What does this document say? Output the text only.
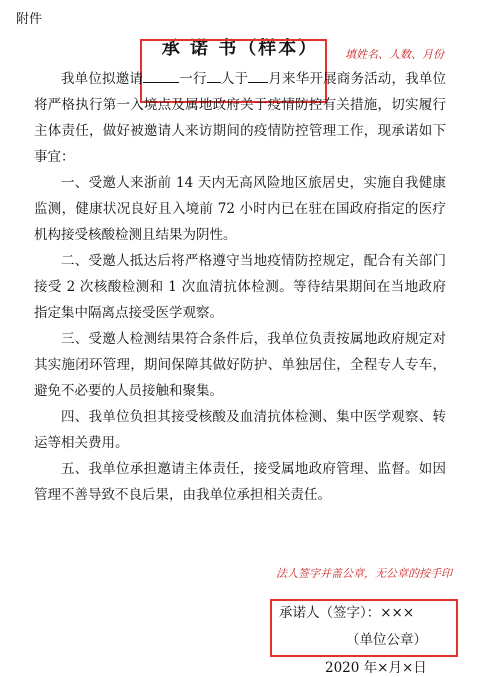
附件
承 诺 书（样本）	填姓名、人数、月份

我单位拟邀请	一行 人于 月来华开展商务活动，我单位将严格执行第一入境点及属地政府关于疫情防控有关措施，切实履行主体责任，做好被邀请人来访期间的疫情防控管理工作，现承诺如下事宜：

一、受邀人来浙前 14 天内无高风险地区旅居史，实施自我健康监测，健康状况良好且入境前 72 小时内已在驻在国政府指定的医疗机构接受核酸检测且结果为阴性。

二、受邀人抵达后将严格遵守当地疫情防控规定，配合有关部门接受 2 次核酸检测和 1 次血清抗体检测。等待结果期间在当地政府指定集中隔离点接受医学观察。

三、受邀人检测结果符合条件后，我单位负责按属地政府规定对其实施闭环管理，期间保障其做好防护、单独居住，全程专人专车，避免不必要的人员接触和聚集。

四、我单位负担其接受核酸及血清抗体检测、集中医学观察、转运等相关费用。

五、我单位承担邀请主体责任，接受属地政府管理、监督。如因管理不善导致不良后果，由我单位承担相关责任。

法人签字并盖公章，无公章的按手印
承诺人（签字）：×××
（单位公章）
2020 年×月×日
